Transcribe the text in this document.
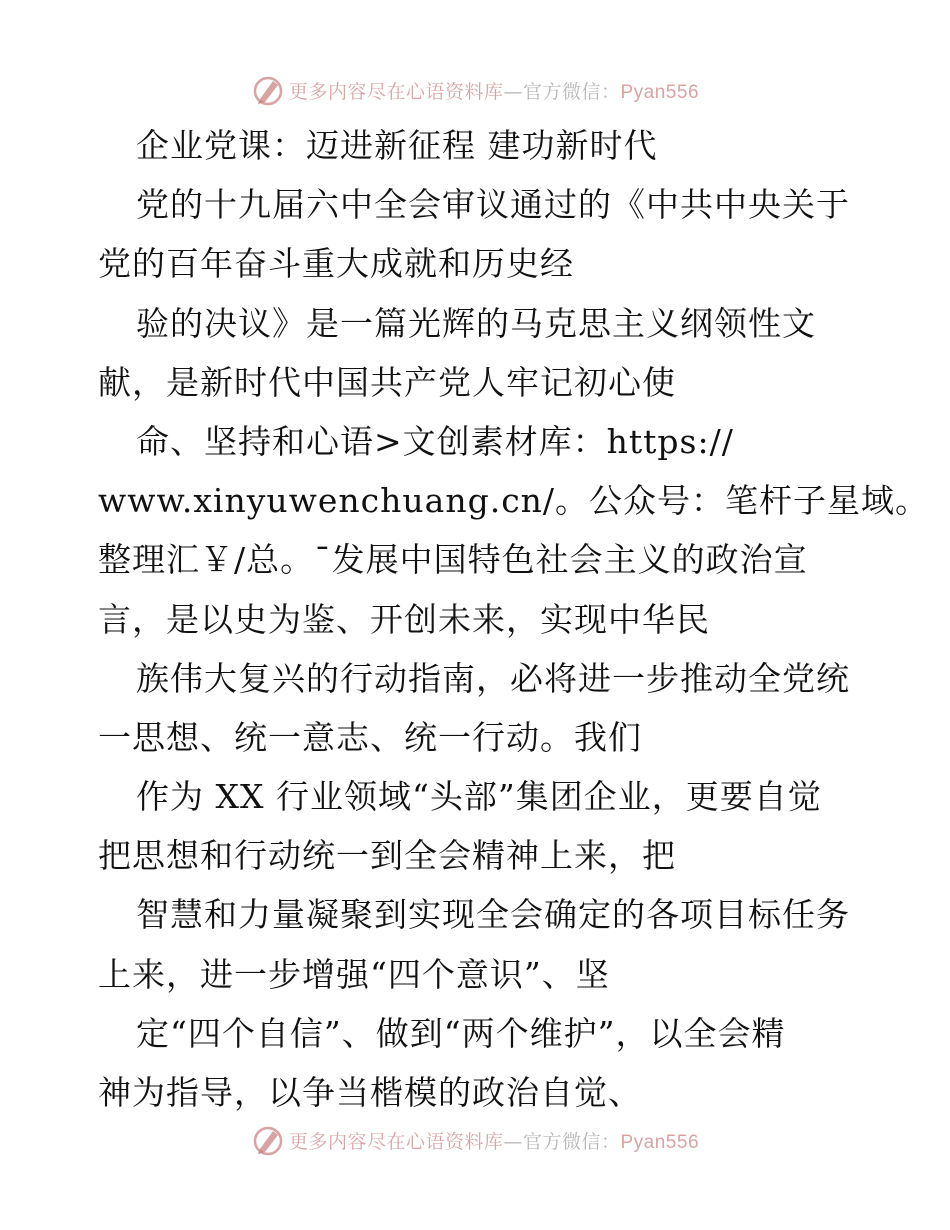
更多内容尽在心语资料库—官方微信：Pyan556
企业党课：迈进新征程 建功新时代
党的十九届六中全会审议通过的《中共中央关于
党的百年奋斗重大成就和历史经
验的决议》是一篇光辉的马克思主义纲领性文
献，是新时代中国共产党人牢记初心使
命、坚持和心语>文创素材库：https://
www.xinyuwenchuang.cn/。公众号：笔杆子星域。
整理汇￥/总。¯发展中国特色社会主义的政治宣
言，是以史为鉴、开创未来，实现中华民
族伟大复兴的行动指南，必将进一步推动全党统
一思想、统一意志、统一行动。我们
作为 XX 行业领域“头部”集团企业，更要自觉
把思想和行动统一到全会精神上来，把
智慧和力量凝聚到实现全会确定的各项目标任务
上来，进一步增强“四个意识”、坚
定“四个自信”、做到“两个维护”，以全会精
神为指导，以争当楷模的政治自觉、
更多内容尽在心语资料库—官方微信：Pyan556
